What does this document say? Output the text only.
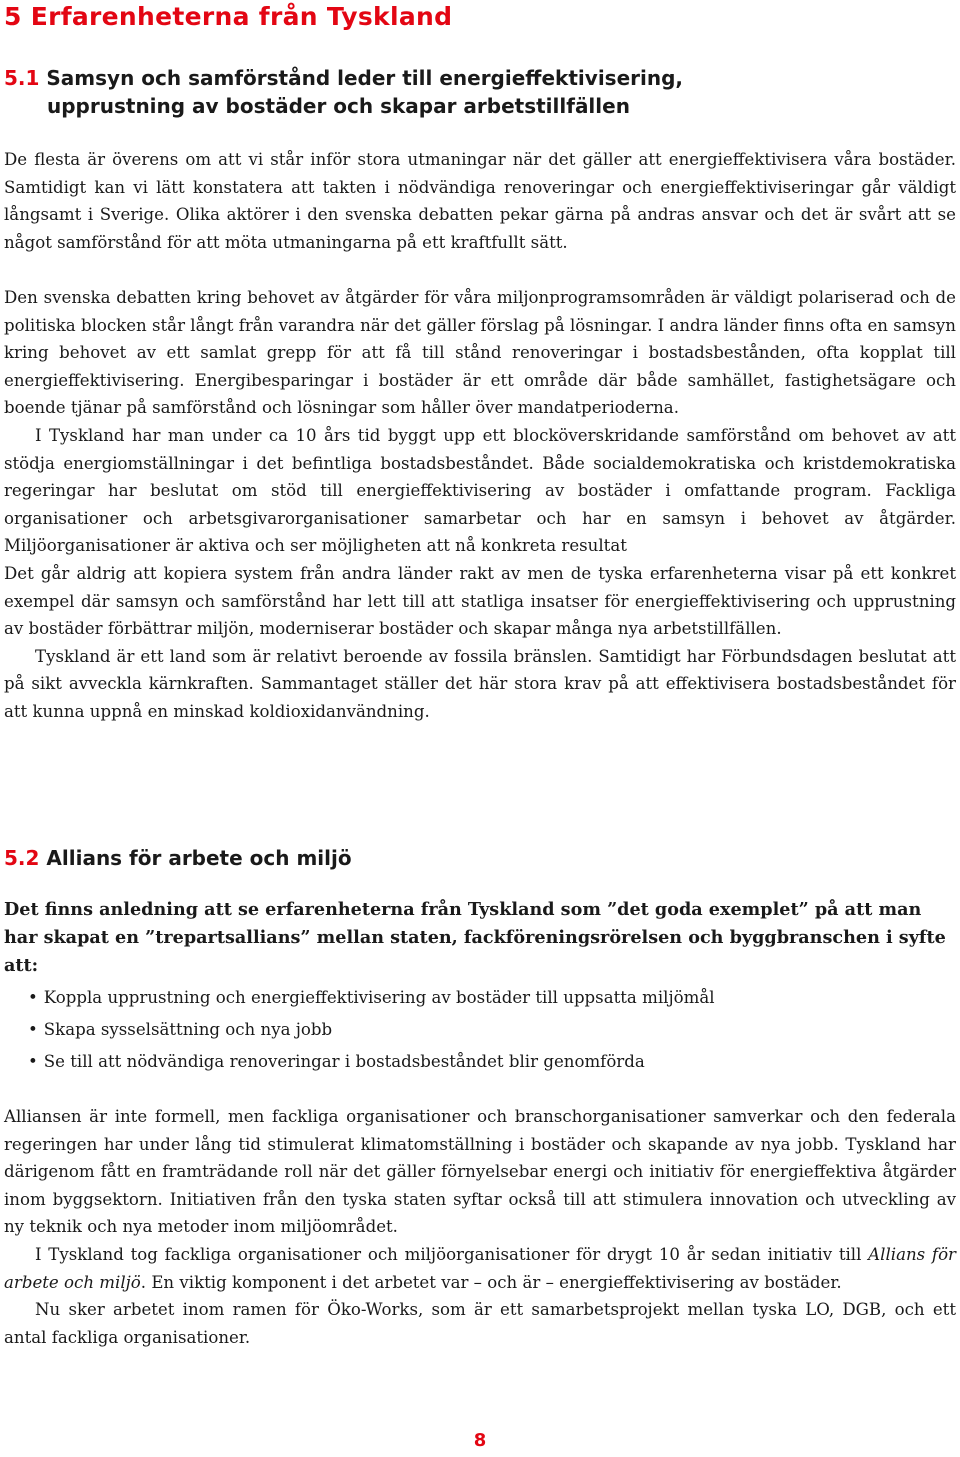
5 Erfarenheterna från Tyskland
5.1 Samsyn och samförstånd leder till energieffektivisering,
upprustning av bostäder och skapar arbetstillfällen

De flesta är överens om att vi står inför stora utmaningar när det gäller att energieffektivisera våra bostäder. Samtidigt kan vi lätt konstatera att takten i nödvändiga renoveringar och energieffektiviseringar går väldigt långsamt i Sverige. Olika aktörer i den svenska debatten pekar gärna på andras ansvar och det är svårt att se något samförstånd för att möta utmaningarna på ett kraftfullt sätt.

Den svenska debatten kring behovet av åtgärder för våra miljonprogramsområden är väldigt polariserad och de politiska blocken står långt från varandra när det gäller förslag på lösningar. I andra länder finns ofta en samsyn kring behovet av ett samlat grepp för att få till stånd renoveringar i bostadsbestånden, ofta kopplat till energieffektivisering. Energibesparingar i bostäder är ett område där både samhället, fastighetsägare och boende tjänar på samförstånd och lösningar som håller över mandatperioderna.

I Tyskland har man under ca 10 års tid byggt upp ett blocköverskridande samförstånd om behovet av att stödja energiomställningar i det befintliga bostadsbeståndet. Både socialdemokratiska och kristdemokratiska regeringar har beslutat om stöd till energieffektivisering av bostäder i omfattande program. Fackliga organisationer och arbetsgivarorganisationer samarbetar och har en samsyn i behovet av åtgärder. Miljöorganisationer är aktiva och ser möjligheten att nå konkreta resultat

Det går aldrig att kopiera system från andra länder rakt av men de tyska erfarenheterna visar på ett konkret exempel där samsyn och samförstånd har lett till att statliga insatser för energieffektivisering och upprustning av bostäder förbättrar miljön, moderniserar bostäder och skapar många nya arbetstillfällen.

Tyskland är ett land som är relativt beroende av fossila bränslen. Samtidigt har Förbundsdagen beslutat att på sikt avveckla kärnkraften. Sammantaget ställer det här stora krav på att effektivisera bostadsbeståndet för att kunna uppnå en minskad koldioxidanvändning.

5.2 Allians för arbete och miljö
Det finns anledning att se erfarenheterna från Tyskland som ”det goda exemplet” på att man har skapat en ”trepartsallians” mellan staten, fackföreningsrörelsen och byggbranschen i syfte att:
• Koppla upprustning och energieffektivisering av bostäder till uppsatta miljömål
• Skapa sysselsättning och nya jobb
• Se till att nödvändiga renoveringar i bostadsbeståndet blir genomförda

Alliansen är inte formell, men fackliga organisationer och branschorganisationer samverkar och den federala regeringen har under lång tid stimulerat klimatomställning i bostäder och skapande av nya jobb. Tyskland har därigenom fått en framträdande roll när det gäller förnyelsebar energi och initiativ för energieffektiva åtgärder inom byggsektorn. Initiativen från den tyska staten syftar också till att stimulera innovation och utveckling av ny teknik och nya metoder inom miljöområdet.

I Tyskland tog fackliga organisationer och miljöorganisationer för drygt 10 år sedan initiativ till Allians för arbete och miljö. En viktig komponent i det arbetet var – och är – energieffektivisering av bostäder.

Nu sker arbetet inom ramen för Öko-Works, som är ett samarbetsprojekt mellan tyska LO, DGB, och ett antal fackliga organisationer.

8
